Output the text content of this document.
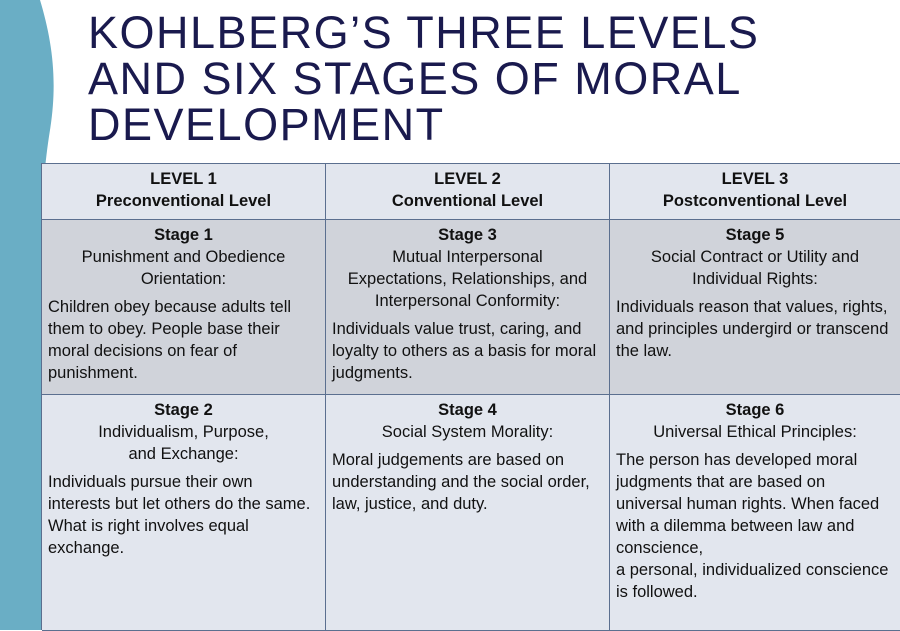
KOHLBERG’S THREE LEVELS
AND SIX STAGES OF MORAL
DEVELOPMENT
LEVEL 1
Preconventional Level
LEVEL 2
Conventional Level
LEVEL 3
Postconventional Level
Stage 1
Punishment and Obedience
Orientation:
Children obey because adults tell them to obey. People base their moral decisions on fear of punishment.
Stage 3
Mutual Interpersonal
Expectations, Relationships, and
Interpersonal Conformity:
Individuals value trust, caring, and loyalty to others as a basis for moral judgments.
Stage 5
Social Contract or Utility and
Individual Rights:
Individuals reason that values, rights, and principles undergird or transcend the law.
Stage 2
Individualism, Purpose,
and Exchange:
Individuals pursue their own interests but let others do the same. What is right involves equal exchange.
Stage 4
Social System Morality:
Moral judgements are based on understanding and the social order, law, justice, and duty.
Stage 6
Universal Ethical Principles:
The person has developed moral judgments that are based on universal human rights. When faced with a dilemma between law and conscience,
a personal, individualized conscience is followed.
